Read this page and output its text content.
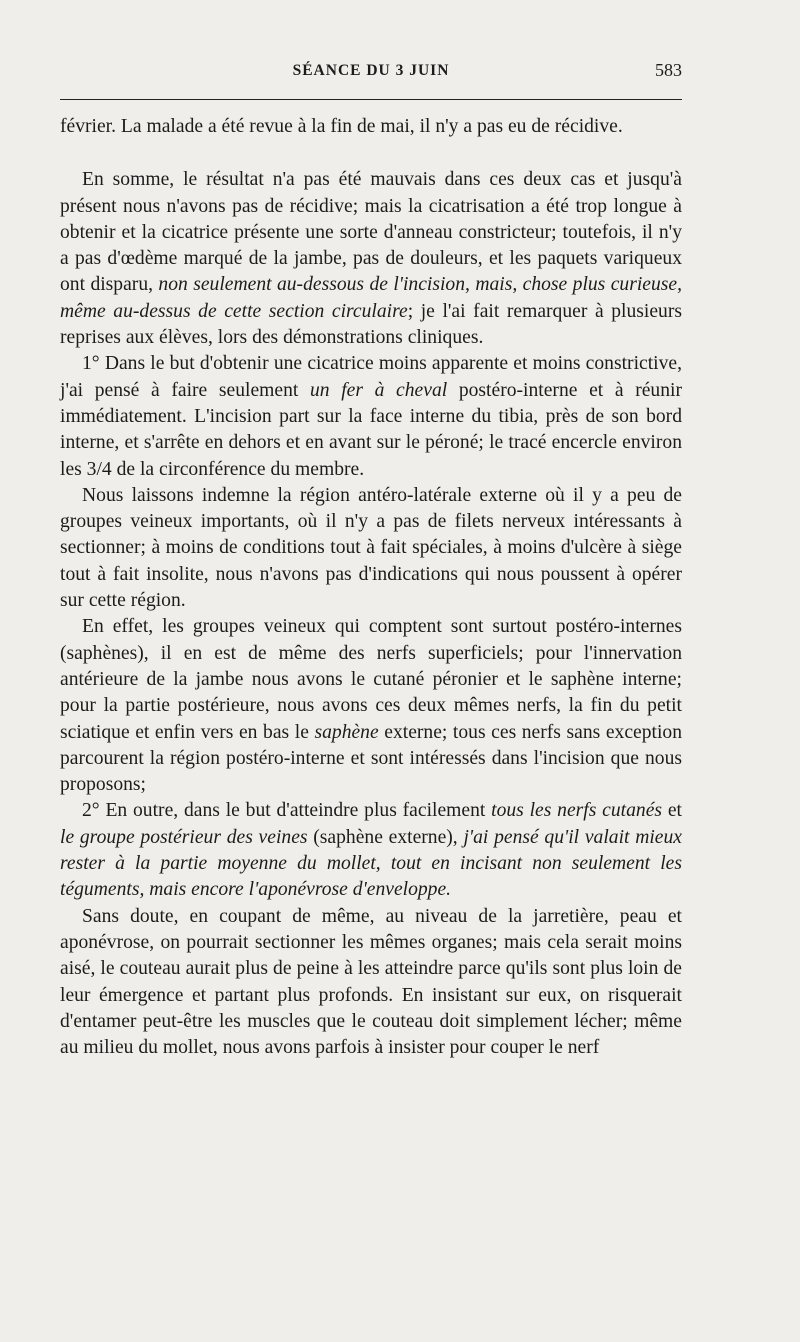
SÉANCE DU 3 JUIN	583

février. La malade a été revue à la fin de mai, il n'y a pas eu de récidive.

En somme, le résultat n'a pas été mauvais dans ces deux cas et jusqu'à présent nous n'avons pas de récidive; mais la cicatrisation a été trop longue à obtenir et la cicatrice présente une sorte d'anneau constricteur; toutefois, il n'y a pas d'œdème marqué de la jambe, pas de douleurs, et les paquets variqueux ont disparu, non seulement au-dessous de l'incision, mais, chose plus curieuse, même au-dessus de cette section circulaire; je l'ai fait remarquer à plusieurs reprises aux élèves, lors des démonstrations cliniques.

1° Dans le but d'obtenir une cicatrice moins apparente et moins constrictive, j'ai pensé à faire seulement un fer à cheval postéro-interne et à réunir immédiatement. L'incision part sur la face interne du tibia, près de son bord interne, et s'arrête en dehors et en avant sur le péroné; le tracé encercle environ les 3/4 de la circonférence du membre.

Nous laissons indemne la région antéro-latérale externe où il y a peu de groupes veineux importants, où il n'y a pas de filets nerveux intéressants à sectionner; à moins de conditions tout à fait spéciales, à moins d'ulcère à siège tout à fait insolite, nous n'avons pas d'indications qui nous poussent à opérer sur cette région.

En effet, les groupes veineux qui comptent sont surtout postéro-internes (saphènes), il en est de même des nerfs superficiels; pour l'innervation antérieure de la jambe nous avons le cutané péronier et le saphène interne; pour la partie postérieure, nous avons ces deux mêmes nerfs, la fin du petit sciatique et enfin vers en bas le saphène externe; tous ces nerfs sans exception parcourent la région postéro-interne et sont intéressés dans l'incision que nous proposons;

2° En outre, dans le but d'atteindre plus facilement tous les nerfs cutanés et le groupe postérieur des veines (saphène externe), j'ai pensé qu'il valait mieux rester à la partie moyenne du mollet, tout en incisant non seulement les téguments, mais encore l'aponévrose d'enveloppe.

Sans doute, en coupant de même, au niveau de la jarretière, peau et aponévrose, on pourrait sectionner les mêmes organes; mais cela serait moins aisé, le couteau aurait plus de peine à les atteindre parce qu'ils sont plus loin de leur émergence et partant plus profonds. En insistant sur eux, on risquerait d'entamer peut-être les muscles que le couteau doit simplement lécher; même au milieu du mollet, nous avons parfois à insister pour couper le nerf
